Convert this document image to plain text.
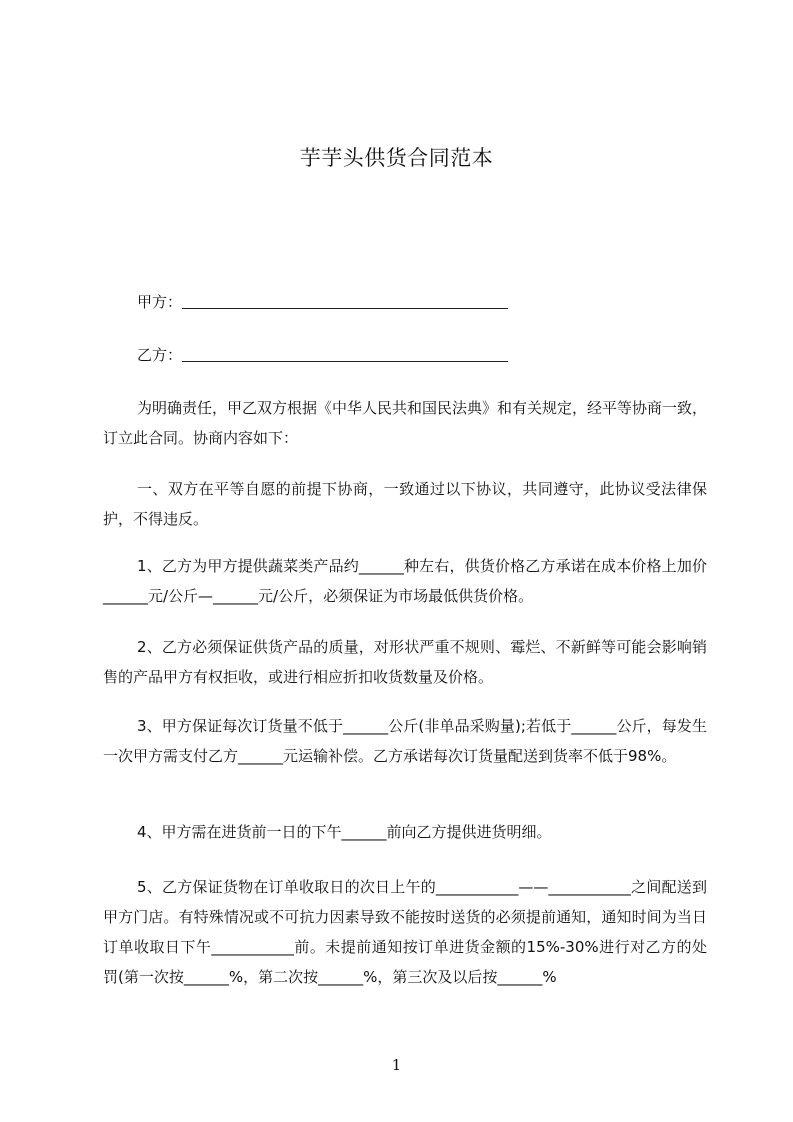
芋芋头供货合同范本
甲方：
乙方：
为明确责任，甲乙双方根据《中华人民共和国民法典》和有关规定，经平等协商一致，订立此合同。协商内容如下：
一、双方在平等自愿的前提下协商，一致通过以下协议，共同遵守，此协议受法律保护，不得违反。
1、乙方为甲方提供蔬菜类产品约______种左右，供货价格乙方承诺在成本价格上加价______元/公斤—______元/公斤，必须保证为市场最低供货价格。
2、乙方必须保证供货产品的质量，对形状严重不规则、霉烂、不新鲜等可能会影响销售的产品甲方有权拒收，或进行相应折扣收货数量及价格。
3、甲方保证每次订货量不低于______公斤(非单品采购量);若低于______公斤，每发生一次甲方需支付乙方______元运输补偿。乙方承诺每次订货量配送到货率不低于98%。
4、甲方需在进货前一日的下午______前向乙方提供进货明细。
5、乙方保证货物在订单收取日的次日上午的___________——___________之间配送到甲方门店。有特殊情况或不可抗力因素导致不能按时送货的必须提前通知，通知时间为当日订单收取日下午___________前。未提前通知按订单进货金额的15%-30%进行对乙方的处罚(第一次按______%，第二次按______%，第三次及以后按______%
1
